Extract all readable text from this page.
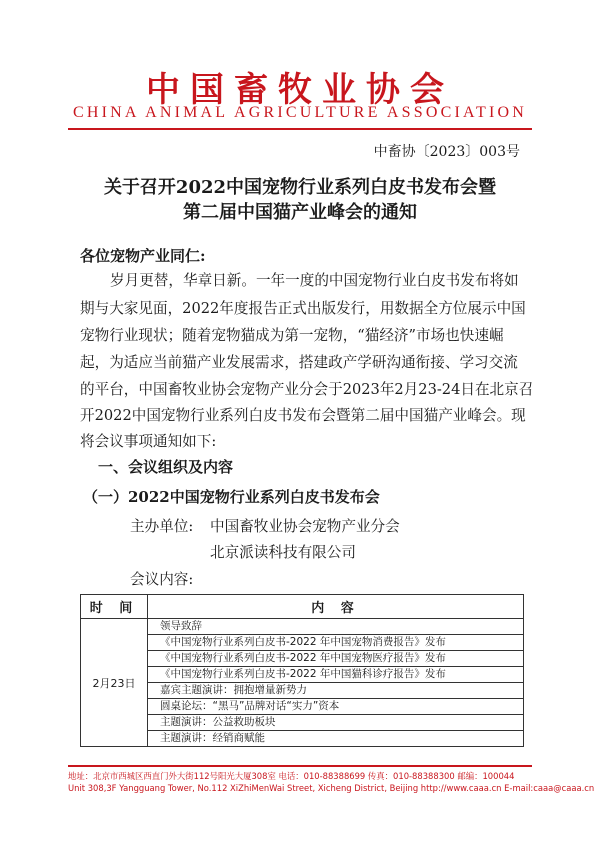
中国畜牧业协会
CHINA ANIMAL AGRICULTURE ASSOCIATION
中畜协〔2023〕003号
关于召开2022中国宠物行业系列白皮书发布会暨
第二届中国猫产业峰会的通知
各位宠物产业同仁:
岁月更替，华章日新。一年一度的中国宠物行业白皮书发布将如
期与大家见面，2022年度报告正式出版发行，用数据全方位展示中国
宠物行业现状；随着宠物猫成为第一宠物，“猫经济”市场也快速崛
起，为适应当前猫产业发展需求，搭建政产学研沟通衔接、学习交流
的平台，中国畜牧业协会宠物产业分会于2023年2月23-24日在北京召
开2022中国宠物行业系列白皮书发布会暨第二届中国猫产业峰会。现
将会议事项通知如下:
一、会议组织及内容
（一）2022中国宠物行业系列白皮书发布会
主办单位: 中国畜牧业协会宠物产业分会
北京派读科技有限公司
会议内容:
时 间	内 容
2月23日	领导致辞
	《中国宠物行业系列白皮书-2022 年中国宠物消费报告》发布
	《中国宠物行业系列白皮书-2022 年中国宠物医疗报告》发布
	《中国宠物行业系列白皮书-2022 年中国猫科诊疗报告》发布
	嘉宾主题演讲：拥抱增量新势力
	圆桌论坛：“黑马”品牌对话“实力”资本
	主题演讲：公益救助板块
	主题演讲：经销商赋能
地址：北京市西城区西直门外大街112号阳光大厦308室 电话：010-88388699 传真：010-88388300 邮编：100044
Unit 308,3F Yangguang Tower, No.112 XiZhiMenWai Street, Xicheng District, Beijing http://www.caaa.cn E-mail:caaa@caaa.cn
